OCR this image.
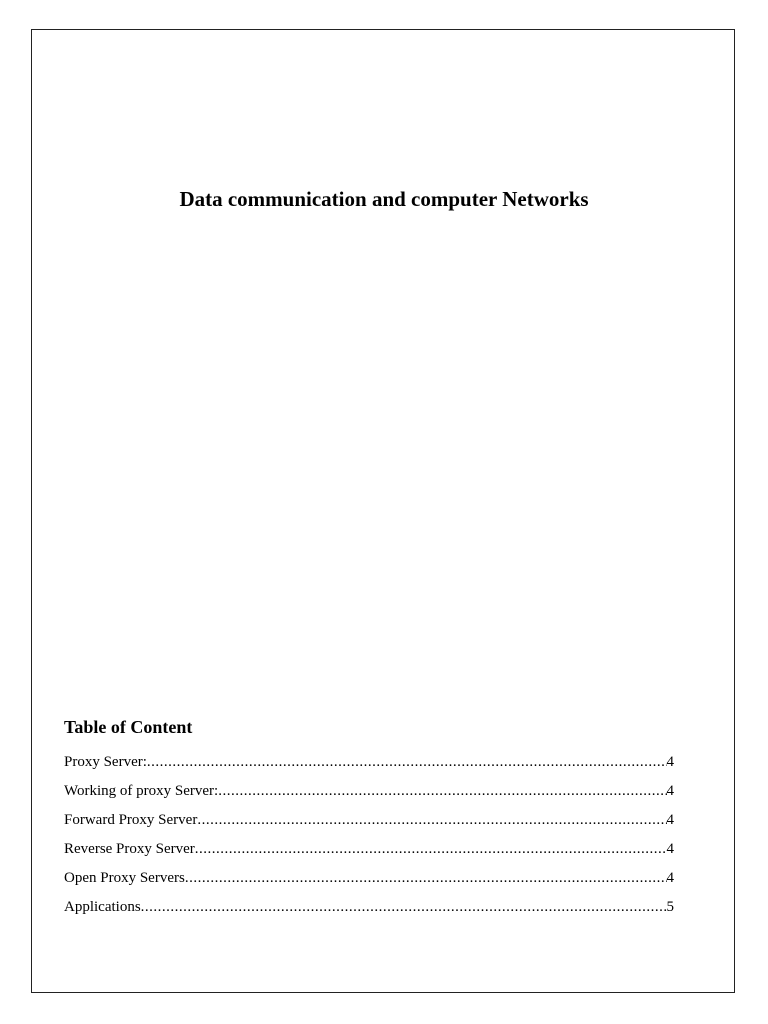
Data communication and computer Networks
Table of Content
Proxy Server: .....	4
Working of proxy Server: .....	4
Forward Proxy Server .....	4
Reverse Proxy Server .....	4
Open Proxy Servers .....	4
Applications .....	5
